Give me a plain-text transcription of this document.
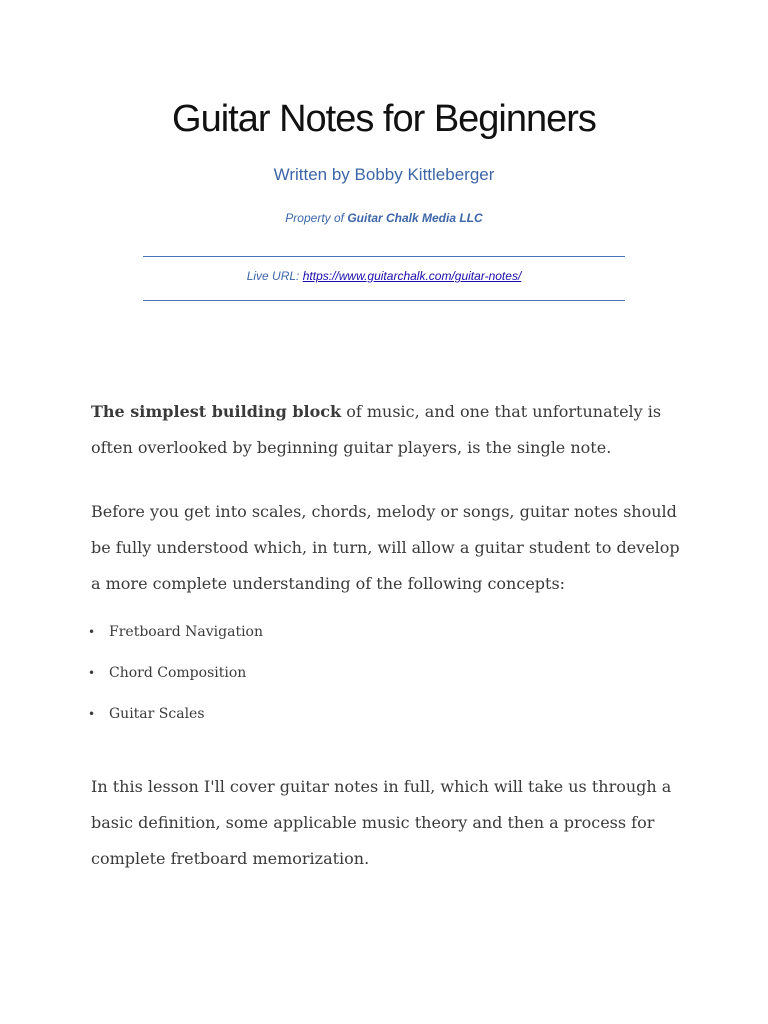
Guitar Notes for Beginners
Written by Bobby Kittleberger
Property of Guitar Chalk Media LLC
Live URL: https://www.guitarchalk.com/guitar-notes/

The simplest building block of music, and one that unfortunately is often overlooked by beginning guitar players, is the single note.

Before you get into scales, chords, melody or songs, guitar notes should be fully understood which, in turn, will allow a guitar student to develop a more complete understanding of the following concepts:

• Fretboard Navigation
• Chord Composition
• Guitar Scales

In this lesson I'll cover guitar notes in full, which will take us through a basic definition, some applicable music theory and then a process for complete fretboard memorization.
